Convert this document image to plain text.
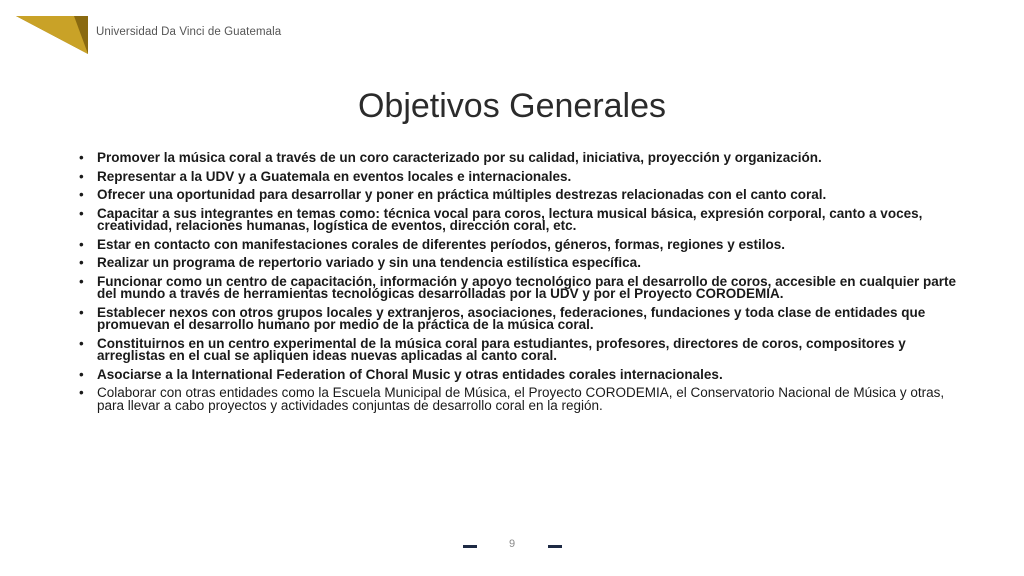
Universidad Da Vinci de Guatemala
Objetivos Generales
• Promover la música coral a través de un coro caracterizado por su calidad, iniciativa, proyección y organización.
• Representar a la UDV y a Guatemala en eventos locales e internacionales.
• Ofrecer una oportunidad para desarrollar y poner en práctica múltiples destrezas relacionadas con el canto coral.
• Capacitar a sus integrantes en temas como: técnica vocal para coros, lectura musical básica, expresión corporal, canto a voces, creatividad, relaciones humanas, logística de eventos, dirección coral, etc.
• Estar en contacto con manifestaciones corales de diferentes períodos, géneros, formas, regiones y estilos.
• Realizar un programa de repertorio variado y sin una tendencia estilística específica.
• Funcionar como un centro de capacitación, información y apoyo tecnológico para el desarrollo de coros, accesible en cualquier parte del mundo a través de herramientas tecnológicas desarrolladas por la UDV y por el Proyecto CORODEMIA.
• Establecer nexos con otros grupos locales y extranjeros, asociaciones, federaciones, fundaciones y toda clase de entidades que promuevan el desarrollo humano por medio de la práctica de la música coral.
• Constituirnos en un centro experimental de la música coral para estudiantes, profesores, directores de coros, compositores y arreglistas en el cual se apliquen ideas nuevas aplicadas al canto coral.
• Asociarse a la International Federation of Choral Music y otras entidades corales internacionales.
• Colaborar con otras entidades como la Escuela Municipal de Música, el Proyecto CORODEMIA, el Conservatorio Nacional de Música y otras, para llevar a cabo proyectos y actividades conjuntas de desarrollo coral en la región.
9
